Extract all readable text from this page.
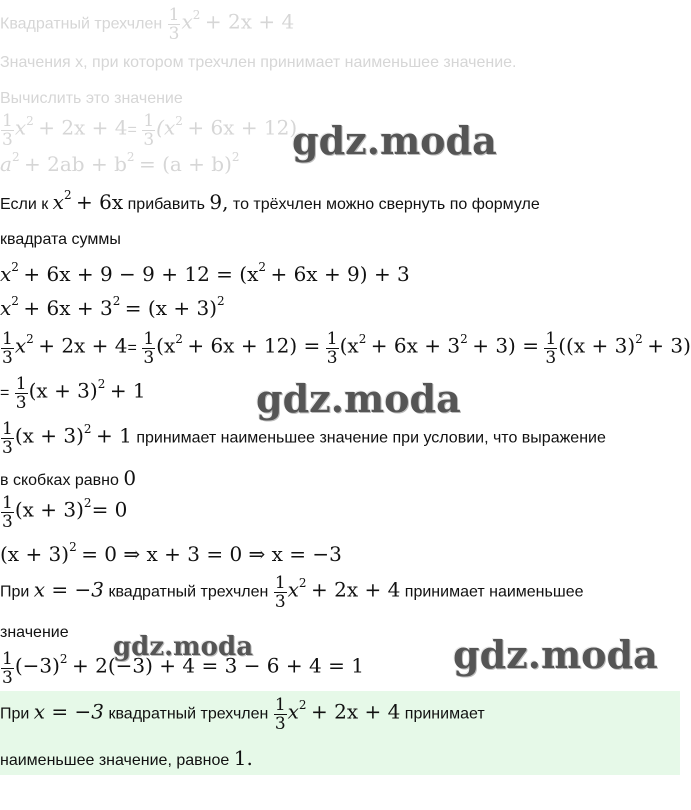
Квадратный трехчлен $\frac{1}{3} x^2 + 2x + 4$
Значения x, при котором трехчлен принимает наименьшее значение.
Вычислить это значение
$\frac{1}{3} x^2 + 2x + 4= \frac{1}{3} (x^2 + 6x + 12)$
$a^2 + 2ab + b^2 = (a + b)^2$ gdz.moda
Если к $x^2 + 6x$ прибавить 9, то трёхчлен можно свернуть по формуле
квадрата суммы
$x^2 + 6x + 9 - 9 + 12 = (x^2 + 6x + 9) + 3$
$x^2 + 6x + 3^2 = (x + 3)^2$
$\frac{1}{3} x^2 + 2x + 4= \frac{1}{3} (x^2 + 6x + 12) = \frac{1}{3} (x^2 + 6x + 3^2 + 3) = \frac{1}{3} ((x + 3)^2 + 3)$
= $\frac{1}{3} (x + 3)^2 + 1$	gdz.moda
$\frac{1}{3} (x + 3)^2 + 1$ принимает наименьшее значение при условии, что выражение
в скобках равно 0
$\frac{1}{3} (x + 3)^2= 0$
$(x + 3)^2 = 0$ ⇒ x + 3 = 0 ⇒ x = −3
При x = −3 квадратный трехчлен $\frac{1}{3} x^2 + 2x + 4$ принимает наименьшее
значение gdz.moda	gdz.moda
$\frac{1}{3} (-3)^2 + 2(-3) + 4 = 3 - 6 + 4 = 1$
При x = −3 квадратный трехчлен $\frac{1}{3} x^2 + 2x + 4$ принимает
наименьшее значение, равное 1.
